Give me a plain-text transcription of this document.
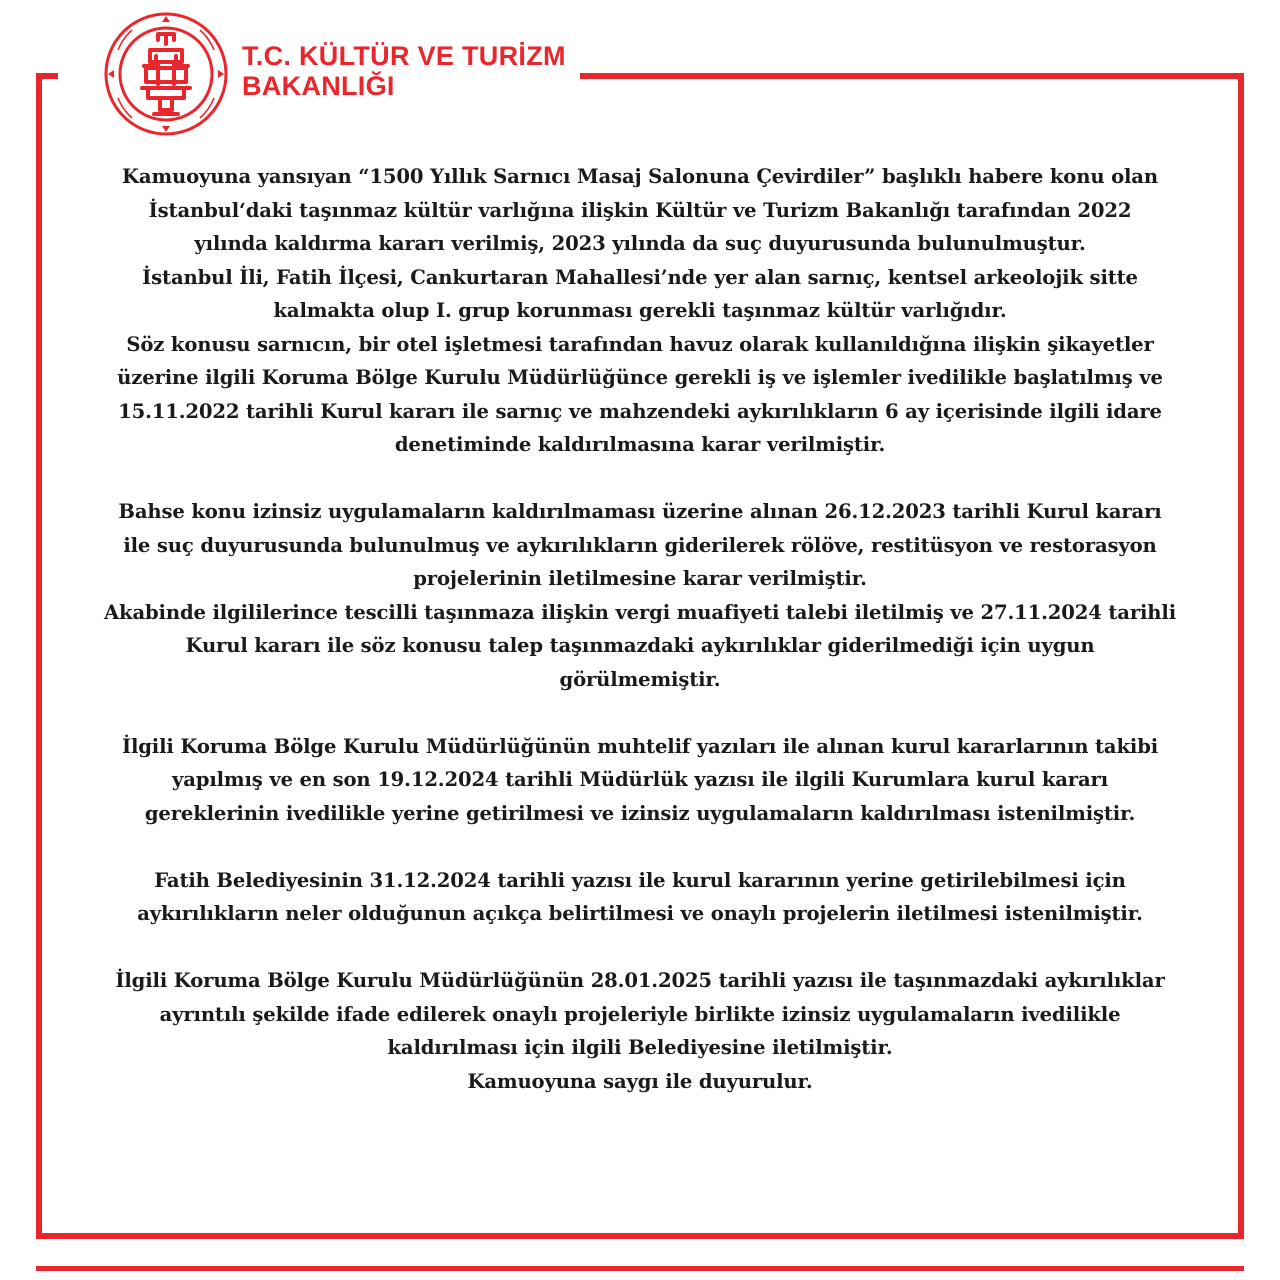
T.C. KÜLTÜR VE TURİZM
BAKANLIĞI

Kamuoyuna yansıyan “1500 Yıllık Sarnıcı Masaj Salonuna Çevirdiler” başlıklı habere konu olan
İstanbul‘daki taşınmaz kültür varlığına ilişkin Kültür ve Turizm Bakanlığı tarafından 2022
yılında kaldırma kararı verilmiş, 2023 yılında da suç duyurusunda bulunulmuştur.
İstanbul İli, Fatih İlçesi, Cankurtaran Mahallesi’nde yer alan sarnıç, kentsel arkeolojik sitte
kalmakta olup I. grup korunması gerekli taşınmaz kültür varlığıdır.
Söz konusu sarnıcın, bir otel işletmesi tarafından havuz olarak kullanıldığına ilişkin şikayetler
üzerine ilgili Koruma Bölge Kurulu Müdürlüğünce gerekli iş ve işlemler ivedilikle başlatılmış ve
15.11.2022 tarihli Kurul kararı ile sarnıç ve mahzendeki aykırılıkların 6 ay içerisinde ilgili idare
denetiminde kaldırılmasına karar verilmiştir.

Bahse konu izinsiz uygulamaların kaldırılmaması üzerine alınan 26.12.2023 tarihli Kurul kararı
ile suç duyurusunda bulunulmuş ve aykırılıkların giderilerek rölöve, restitüsyon ve restorasyon
projelerinin iletilmesine karar verilmiştir.
Akabinde ilgililerince tescilli taşınmaza ilişkin vergi muafiyeti talebi iletilmiş ve 27.11.2024 tarihli
Kurul kararı ile söz konusu talep taşınmazdaki aykırılıklar giderilmediği için uygun
görülmemiştir.

İlgili Koruma Bölge Kurulu Müdürlüğünün muhtelif yazıları ile alınan kurul kararlarının takibi
yapılmış ve en son 19.12.2024 tarihli Müdürlük yazısı ile ilgili Kurumlara kurul kararı
gereklerinin ivedilikle yerine getirilmesi ve izinsiz uygulamaların kaldırılması istenilmiştir.

Fatih Belediyesinin 31.12.2024 tarihli yazısı ile kurul kararının yerine getirilebilmesi için
aykırılıkların neler olduğunun açıkça belirtilmesi ve onaylı projelerin iletilmesi istenilmiştir.

İlgili Koruma Bölge Kurulu Müdürlüğünün 28.01.2025 tarihli yazısı ile taşınmazdaki aykırılıklar
ayrıntılı şekilde ifade edilerek onaylı projeleriyle birlikte izinsiz uygulamaların ivedilikle
kaldırılması için ilgili Belediyesine iletilmiştir.
Kamuoyuna saygı ile duyurulur.
